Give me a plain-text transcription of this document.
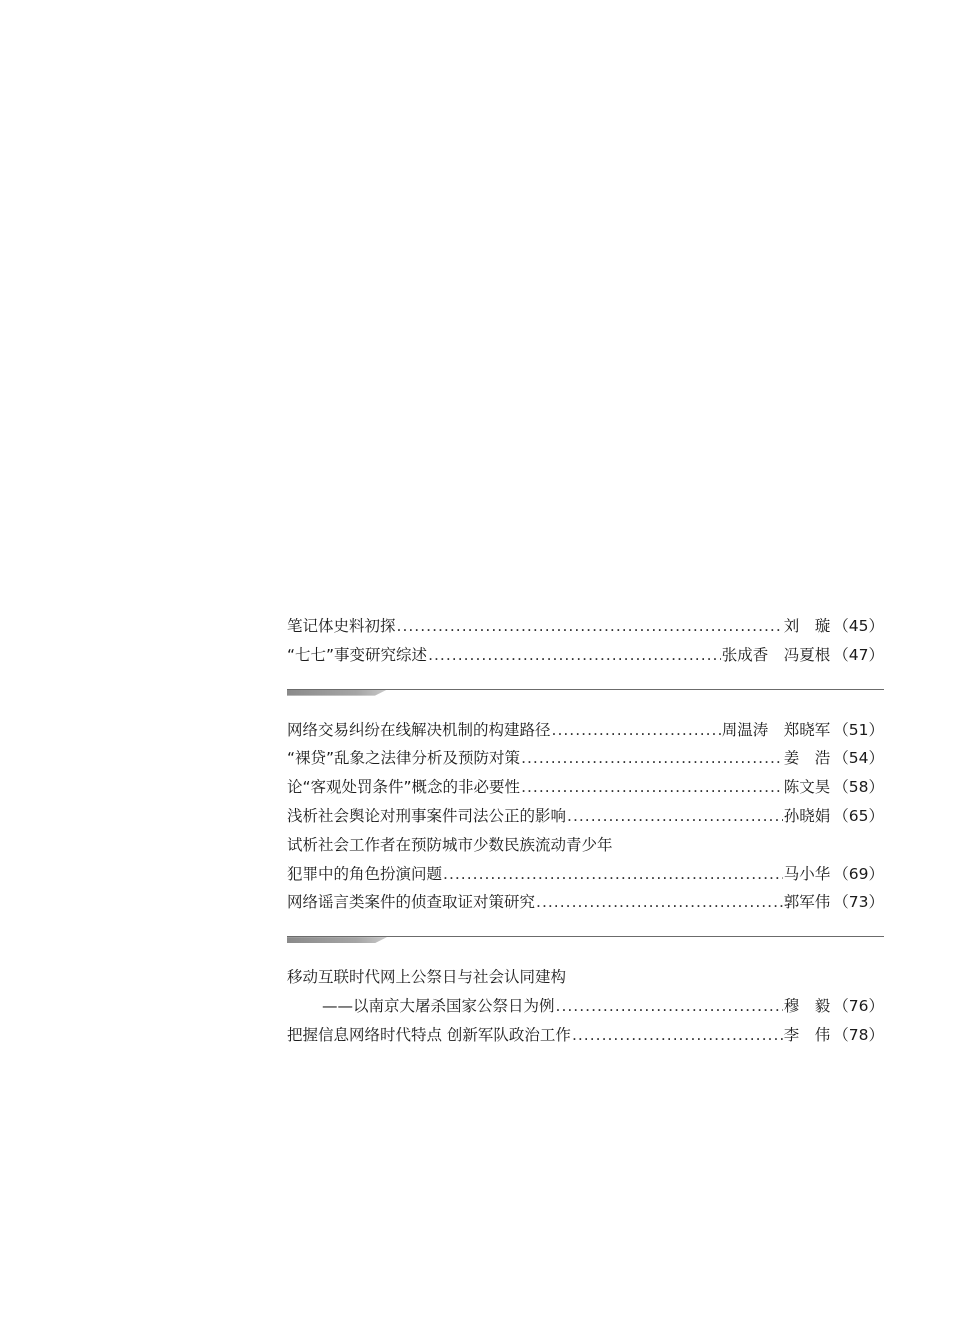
笔记体史料初探 .....	刘　璇 （45）
“七七”事变研究综述 .....	张成香　冯夏根 （47）
网络交易纠纷在线解决机制的构建路径 .....	周温涛　郑晓军 （51）
“裸贷”乱象之法律分析及预防对策 .....	姜　浩 （54）
论“客观处罚条件”概念的非必要性 .....	陈文昊 （58）
浅析社会舆论对刑事案件司法公正的影响 .....	孙晓娟 （65）
试析社会工作者在预防城市少数民族流动青少年
犯罪中的角色扮演问题 .....	马小华 （69）
网络谣言类案件的侦查取证对策研究 .....	郭军伟 （73）
移动互联时代网上公祭日与社会认同建构
——以南京大屠杀国家公祭日为例 .....	穆　毅 （76）
把握信息网络时代特点 创新军队政治工作 .....	李　伟 （78）
